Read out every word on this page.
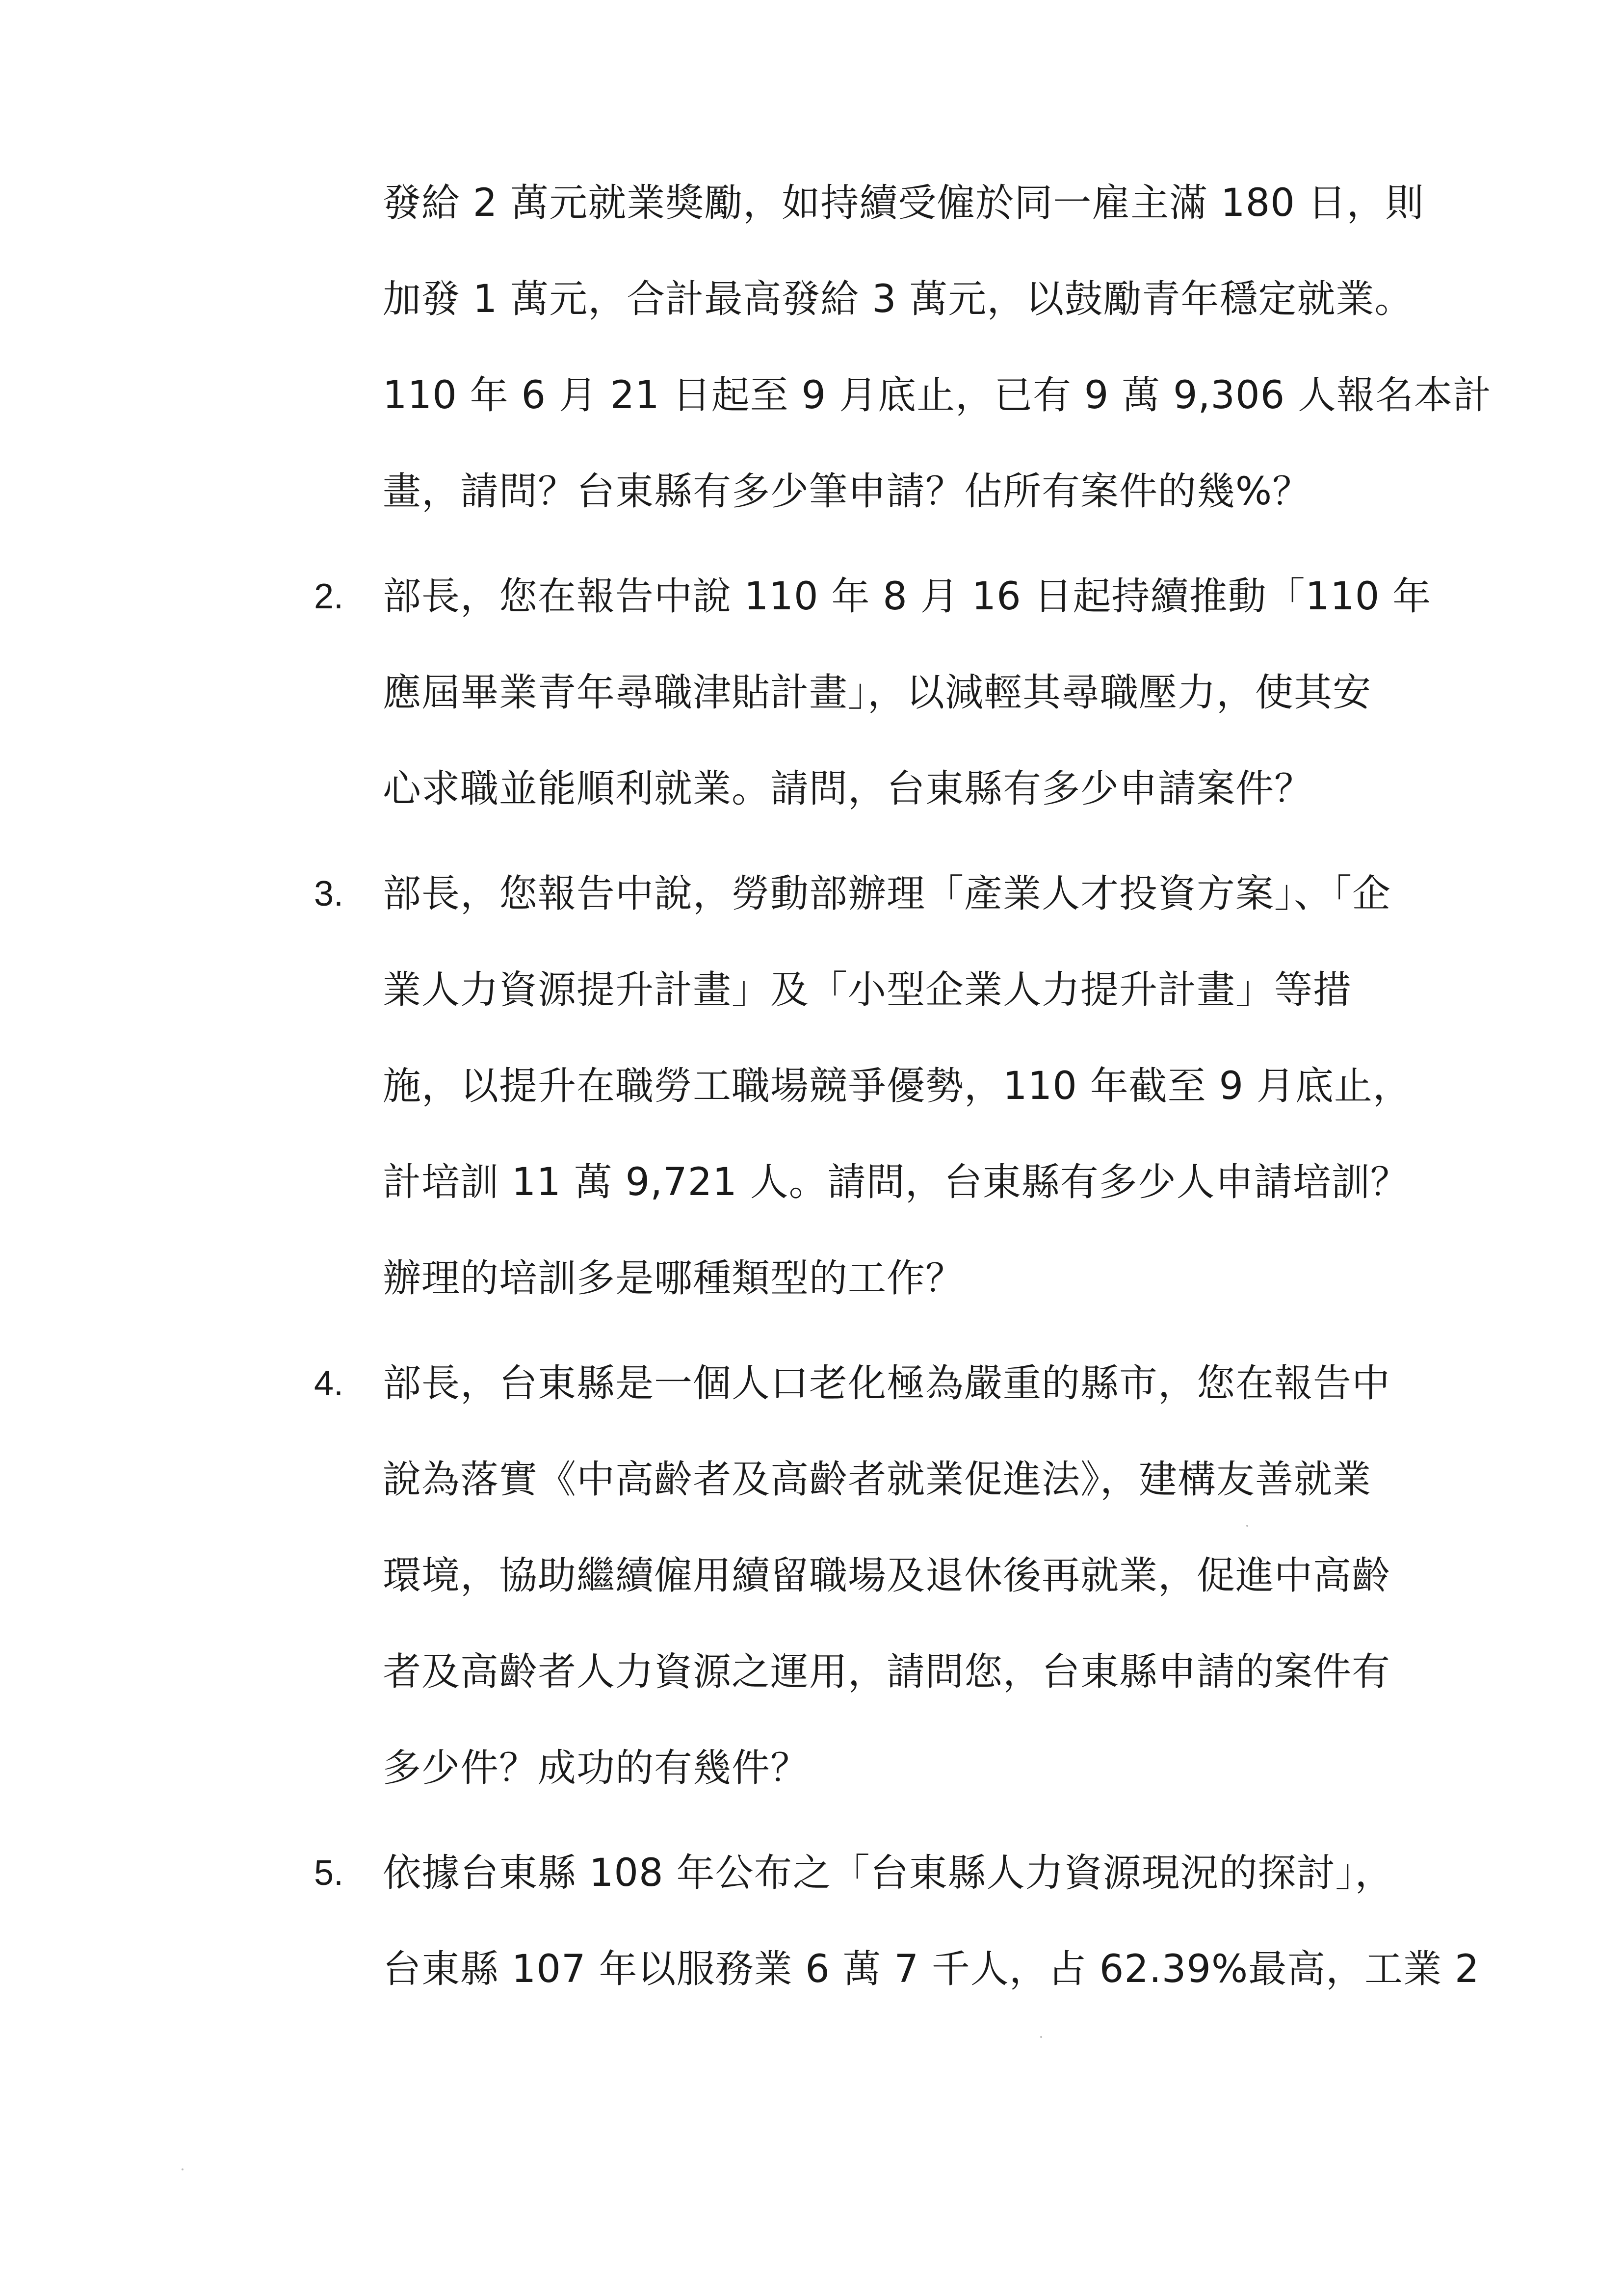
發給 2 萬元就業獎勵，如持續受僱於同一雇主滿 180 日，則
加發 1 萬元，合計最高發給 3 萬元，以鼓勵青年穩定就業。
110 年 6 月 21 日起至 9 月底止，已有 9 萬 9,306 人報名本計
畫，請問？台東縣有多少筆申請？佔所有案件的幾%？
2. 部長，您在報告中說 110 年 8 月 16 日起持續推動「110 年
應屆畢業青年尋職津貼計畫」，以減輕其尋職壓力，使其安
心求職並能順利就業。請問，台東縣有多少申請案件？
3. 部長，您報告中說，勞動部辦理「產業人才投資方案」、「企
業人力資源提升計畫」及「小型企業人力提升計畫」等措
施，以提升在職勞工職場競爭優勢，110 年截至 9 月底止，
計培訓 11 萬 9,721 人。請問，台東縣有多少人申請培訓？
辦理的培訓多是哪種類型的工作？
4. 部長，台東縣是一個人口老化極為嚴重的縣市，您在報告中
說為落實《中高齡者及高齡者就業促進法》，建構友善就業
環境，協助繼續僱用續留職場及退休後再就業，促進中高齡
者及高齡者人力資源之運用，請問您，台東縣申請的案件有
多少件？成功的有幾件？
5. 依據台東縣 108 年公布之「台東縣人力資源現況的探討」，
台東縣 107 年以服務業 6 萬 7 千人，占 62.39%最高，工業 2
